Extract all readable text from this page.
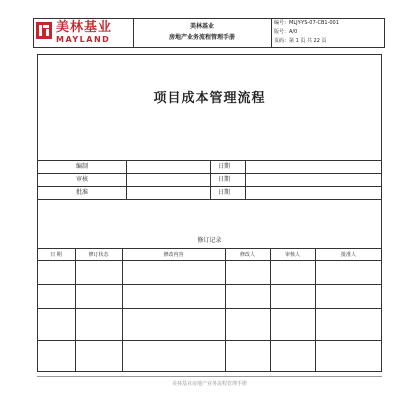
美林基业
MAYLAND
美林基业
房地产业务流程管理手册
编号：MLJY-YS-07-CB1-001
版号：A/0
页码：第 1 页 共 22 页
项目成本管理流程
编制	日期
审核	日期
批准	日期
修订记录
日 期	修订状态	修改内容	修改人	审核人	批准人
美林基业房地产业务流程管理手册
